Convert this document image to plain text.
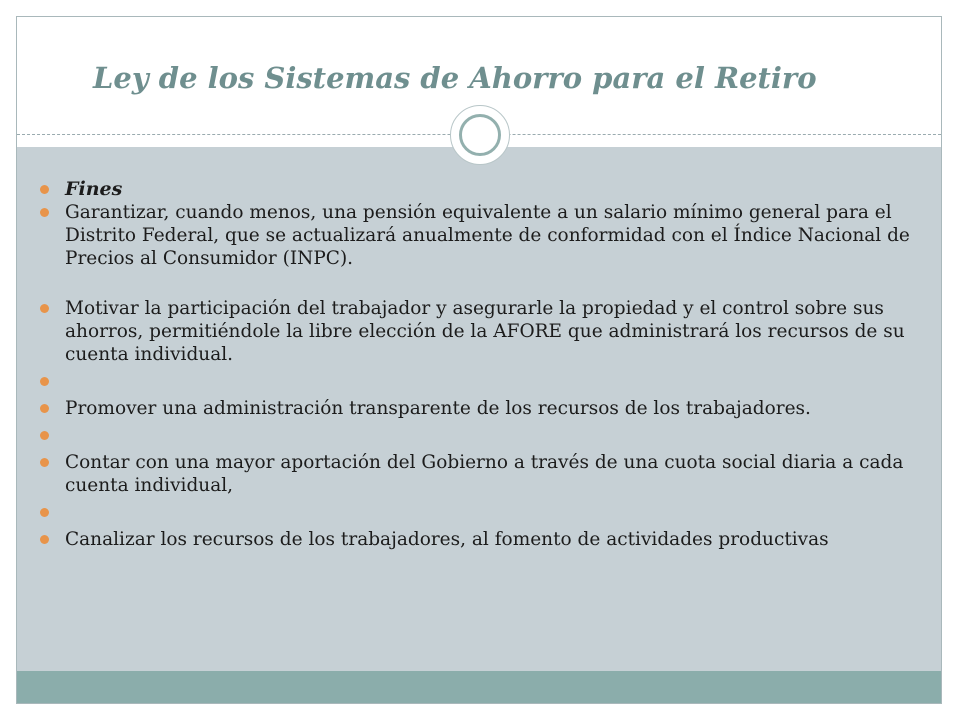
Ley de los Sistemas de Ahorro para el Retiro
Fines
Garantizar, cuando menos, una pensión equivalente a un salario mínimo general para el Distrito Federal, que se actualizará anualmente de conformidad con el Índice Nacional de Precios al Consumidor (INPC).
Motivar la participación del trabajador y asegurarle la propiedad y el control sobre sus ahorros, permitiéndole la libre elección de la AFORE que administrará los recursos de su cuenta individual.
Promover una administración transparente de los recursos de los trabajadores.
Contar con una mayor aportación del Gobierno a través de una cuota social diaria a cada cuenta individual,
Canalizar los recursos de los trabajadores, al fomento de actividades productivas
